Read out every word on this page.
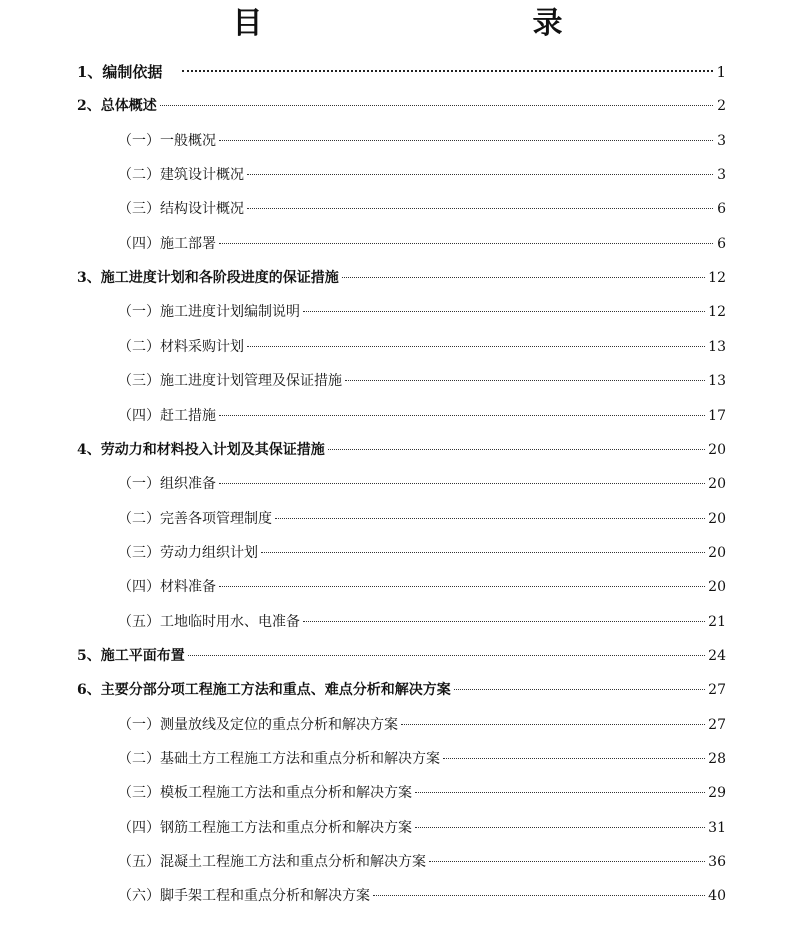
目　　录
1、编制依据	1
2、总体概述	2
（一）一般概况	3
（二）建筑设计概况	3
（三）结构设计概况	6
（四）施工部署	6
3、施工进度计划和各阶段进度的保证措施	12
（一）施工进度计划编制说明	12
（二）材料采购计划	13
（三）施工进度计划管理及保证措施	13
（四）赶工措施	17
4、劳动力和材料投入计划及其保证措施	20
（一）组织准备	20
（二）完善各项管理制度	20
（三）劳动力组织计划	20
（四）材料准备	20
（五）工地临时用水、电准备	21
5、施工平面布置	24
6、主要分部分项工程施工方法和重点、难点分析和解决方案	27
（一）测量放线及定位的重点分析和解决方案	27
（二）基础土方工程施工方法和重点分析和解决方案	28
（三）模板工程施工方法和重点分析和解决方案	29
（四）钢筋工程施工方法和重点分析和解决方案	31
（五）混凝土工程施工方法和重点分析和解决方案	36
（六）脚手架工程和重点分析和解决方案	40
